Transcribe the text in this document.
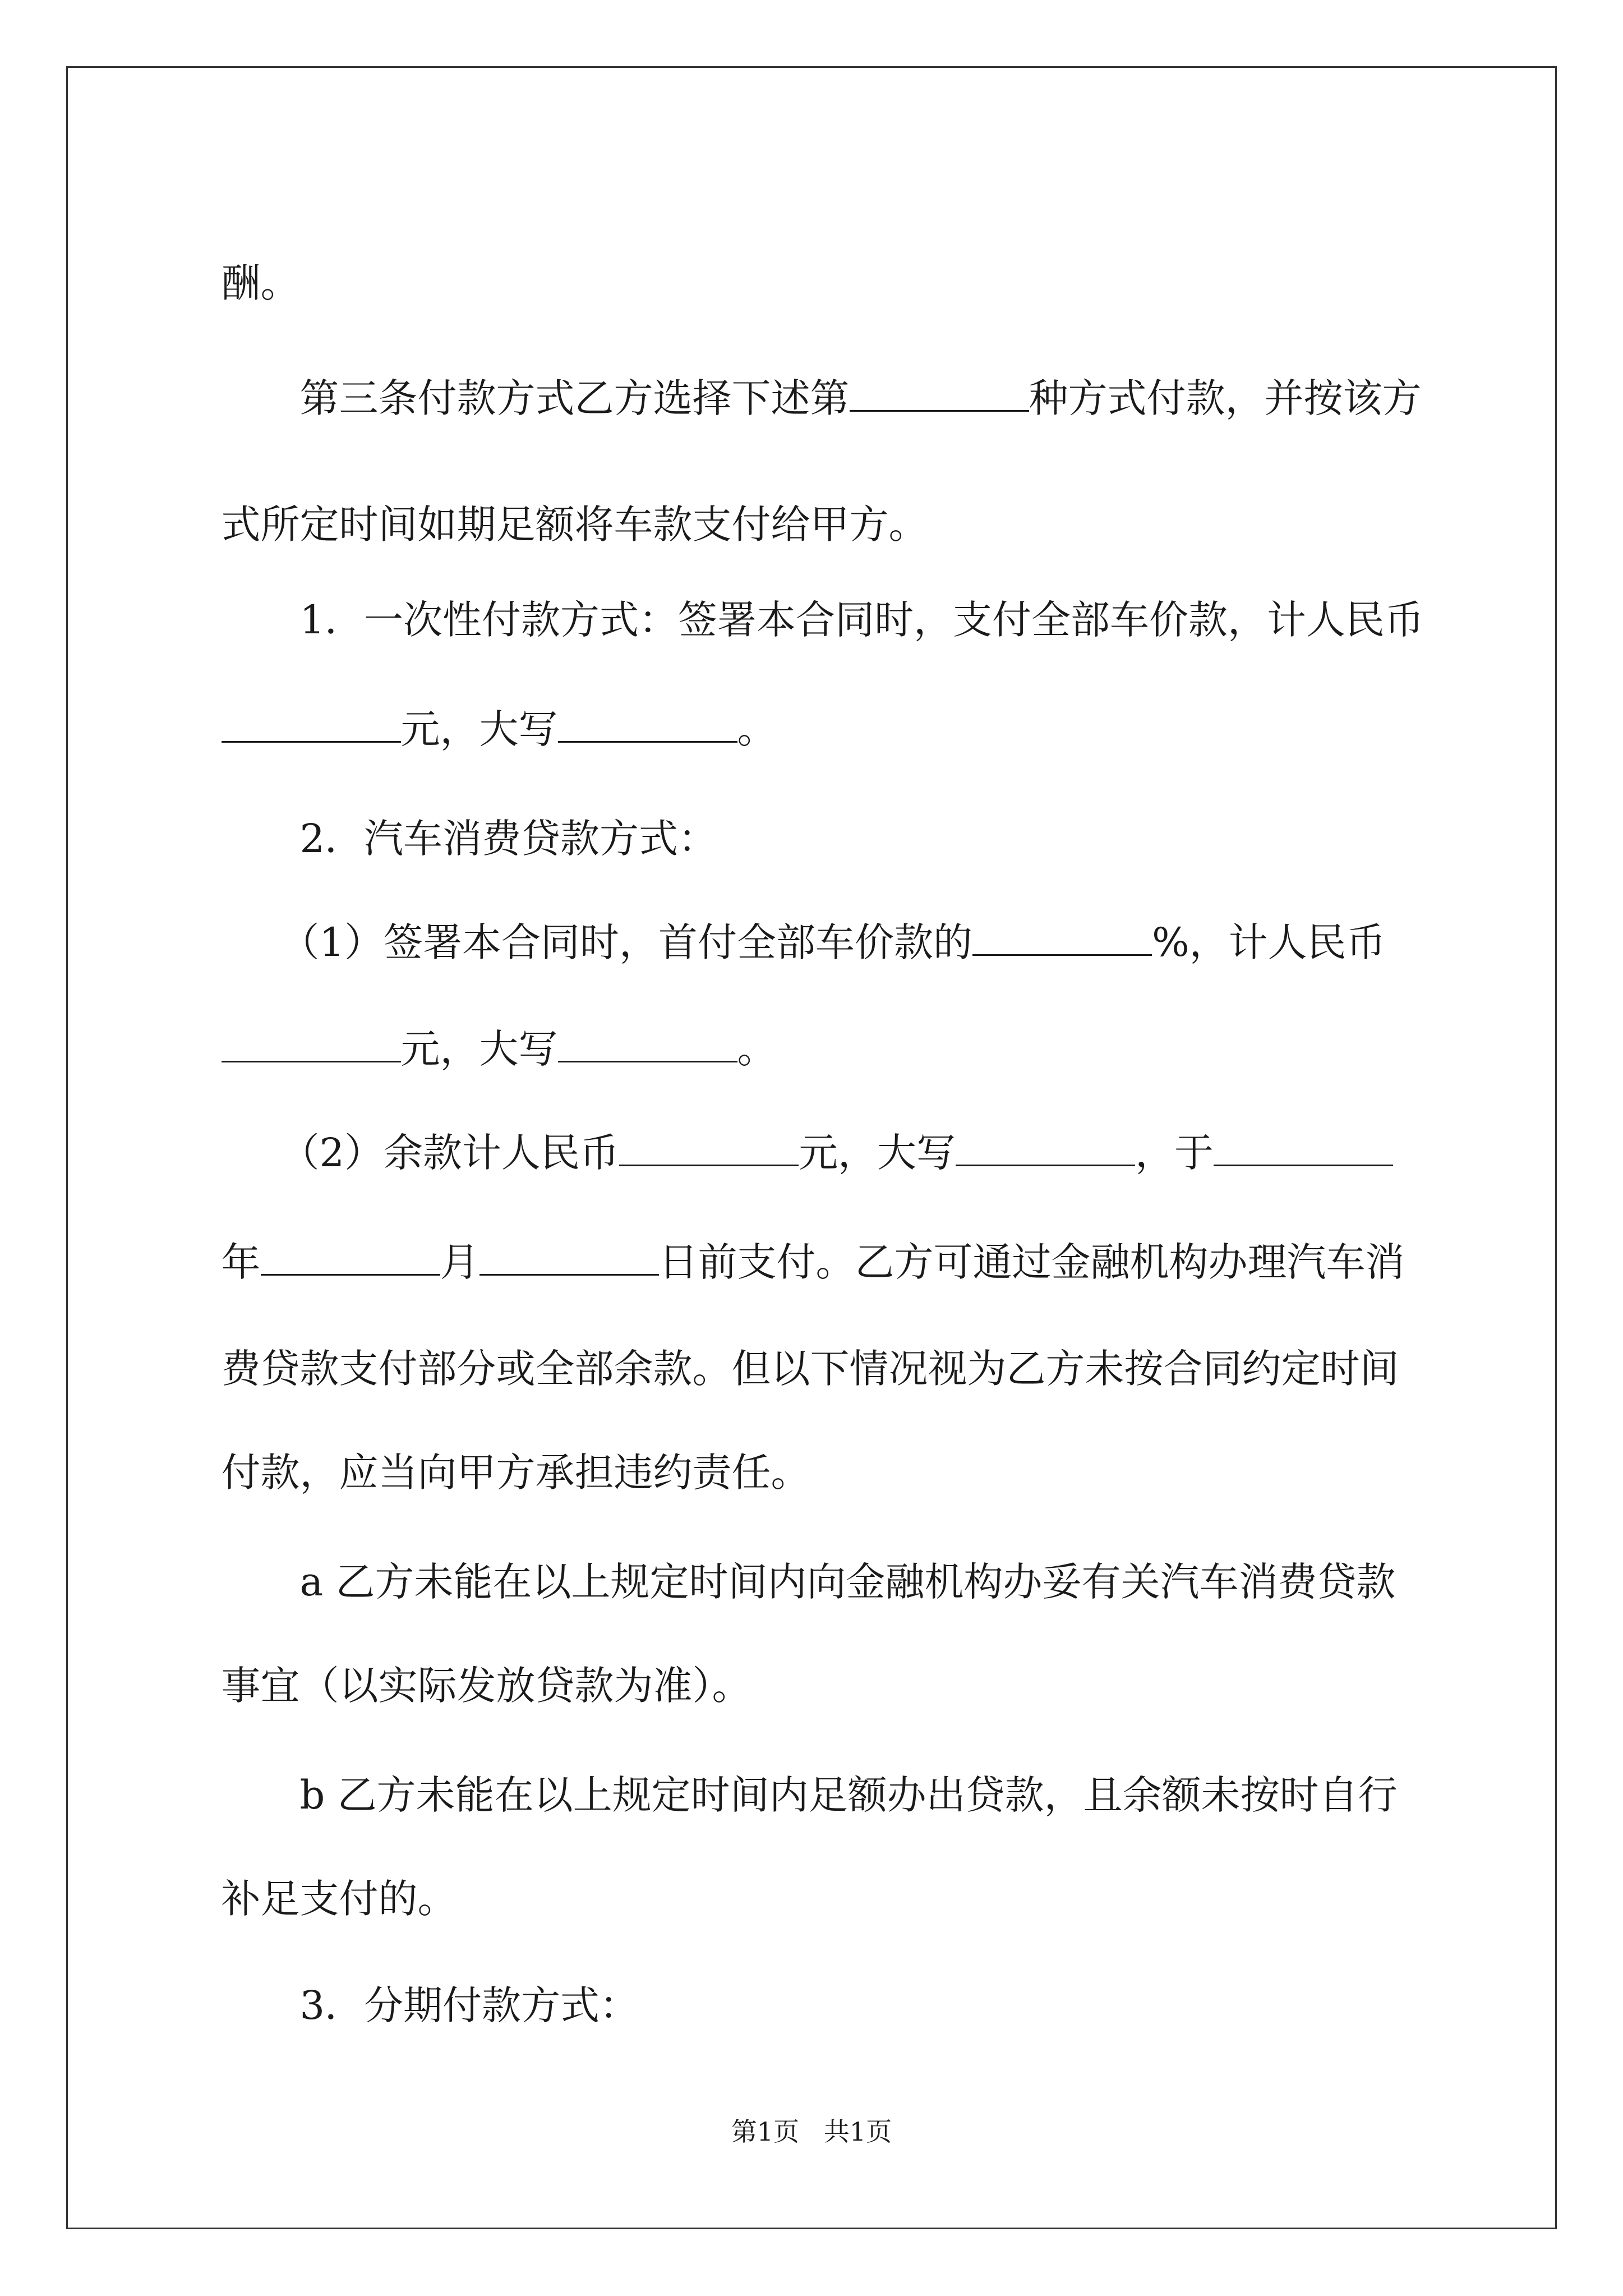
酬。

第三条付款方式乙方选择下述第	种方式付款，并按该方

式所定时间如期足额将车款支付给甲方。

1．一次性付款方式：签署本合同时，支付全部车价款，计人民币

元，大写	。

2．汽车消费贷款方式：

（1）签署本合同时，首付全部车价款的	%，计人民币

元，大写	。

（2）余款计人民币	元，大写	，于

年	月	日前支付。乙方可通过金融机构办理汽车消

费贷款支付部分或全部余款。但以下情况视为乙方未按合同约定时间

付款，应当向甲方承担违约责任。

a 乙方未能在以上规定时间内向金融机构办妥有关汽车消费贷款

事宜（以实际发放贷款为准）。

b 乙方未能在以上规定时间内足额办出贷款，且余额未按时自行

补足支付的。

3．分期付款方式：

第1页   共1页
